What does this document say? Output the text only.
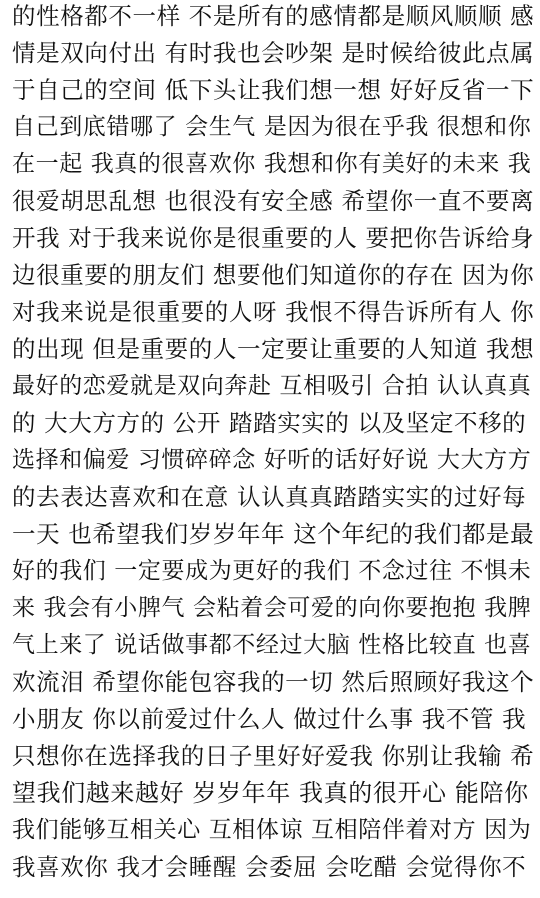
的性格都不一样 不是所有的感情都是顺风顺顺 感
情是双向付出 有时我也会吵架 是时候给彼此点属
于自己的空间 低下头让我们想一想 好好反省一下
自己到底错哪了 会生气 是因为很在乎我 很想和你
在一起 我真的很喜欢你 我想和你有美好的未来 我
很爱胡思乱想 也很没有安全感 希望你一直不要离
开我 对于我来说你是很重要的人 要把你告诉给身
边很重要的朋友们 想要他们知道你的存在 因为你
对我来说是很重要的人呀 我恨不得告诉所有人 你
的出现 但是重要的人一定要让重要的人知道 我想
最好的恋爱就是双向奔赴 互相吸引 合拍 认认真真
的 大大方方的 公开 踏踏实实的 以及坚定不移的
选择和偏爱 习惯碎碎念 好听的话好好说 大大方方
的去表达喜欢和在意 认认真真踏踏实实的过好每
一天 也希望我们岁岁年年 这个年纪的我们都是最
好的我们 一定要成为更好的我们 不念过往 不惧未
来 我会有小脾气 会粘着会可爱的向你要抱抱 我脾
气上来了 说话做事都不经过大脑 性格比较直 也喜
欢流泪 希望你能包容我的一切 然后照顾好我这个
小朋友 你以前爱过什么人 做过什么事 我不管 我
只想你在选择我的日子里好好爱我 你别让我输 希
望我们越来越好 岁岁年年 我真的很开心 能陪你
我们能够互相关心 互相体谅 互相陪伴着对方 因为
我喜欢你 我才会睡醒 会委屈 会吃醋 会觉得你不
